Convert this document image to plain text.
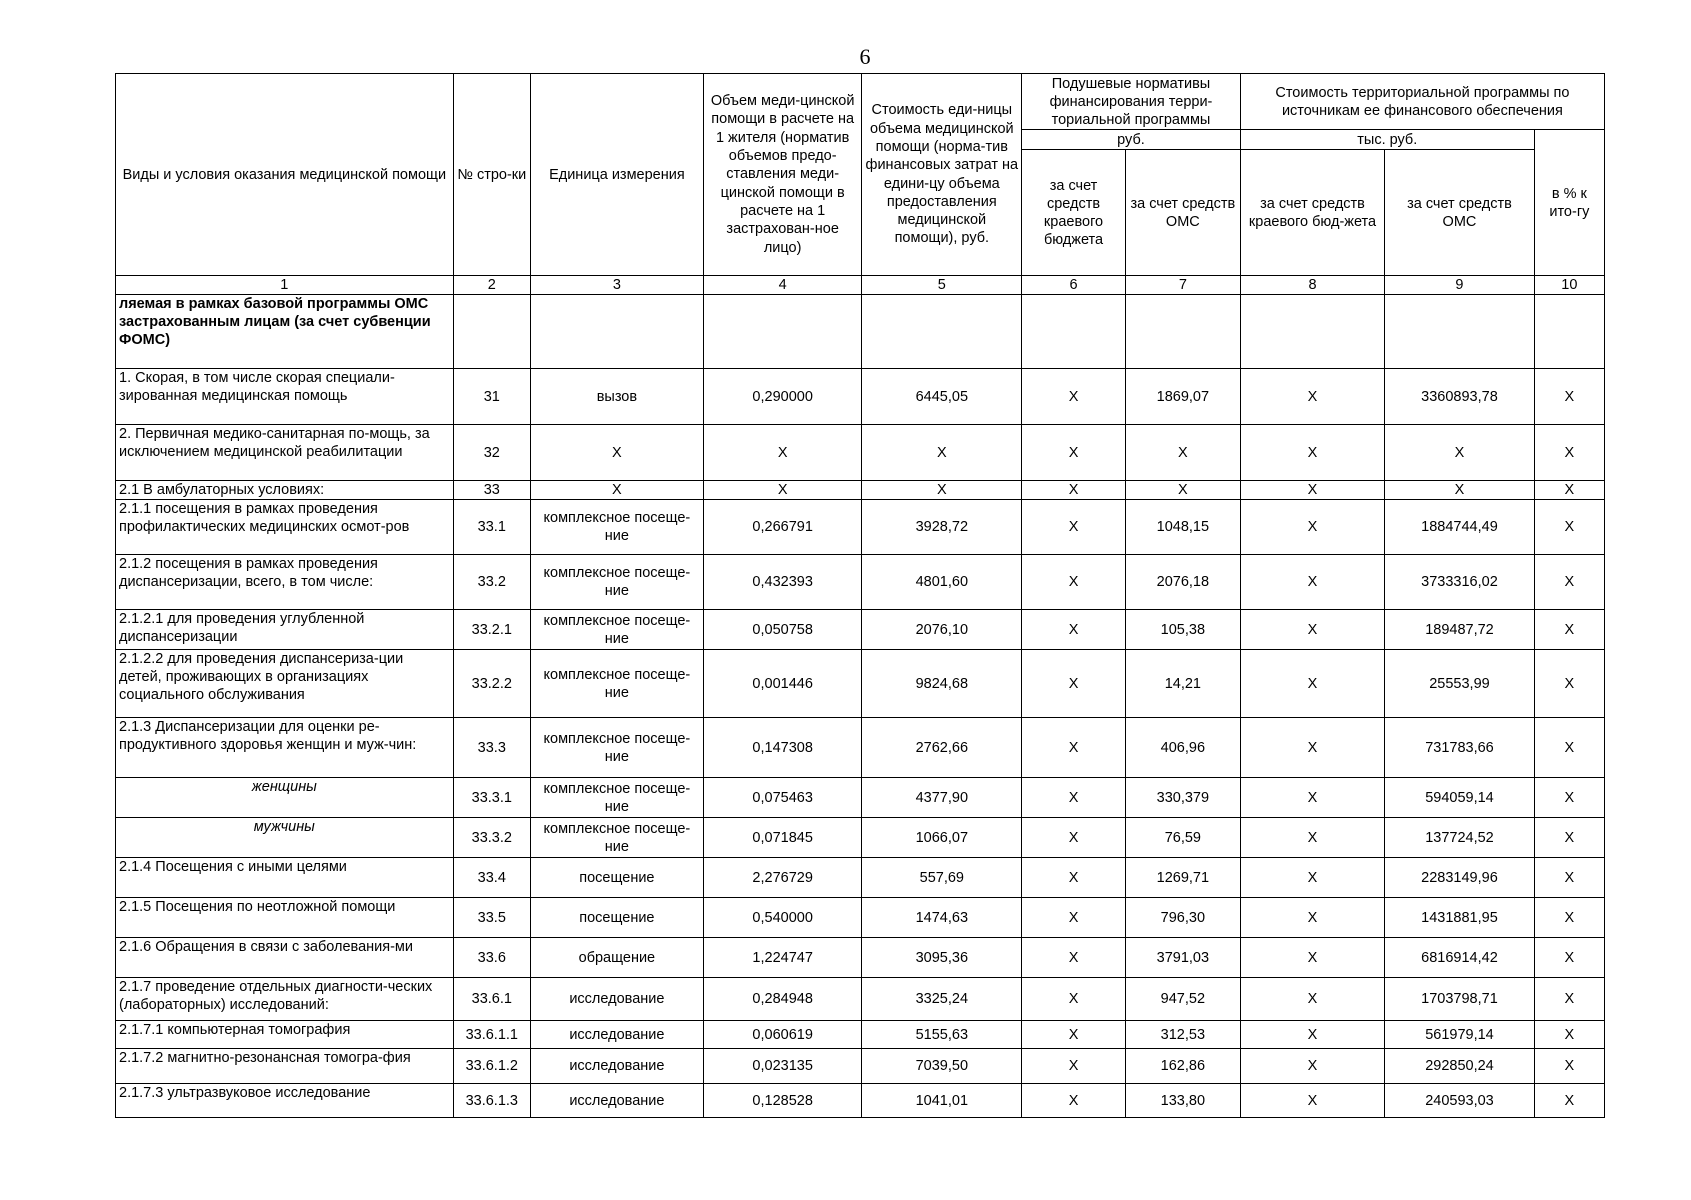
6
Виды и условия оказания медицинской помощи	№ стро-ки	Единица измерения	Объем меди-цинской помощи в расчете на 1 жителя (норматив объемов предо-ставления меди-цинской помощи в расчете на 1 застрахован-ное лицо)	Стоимость еди-ницы объема медицинской помощи (норма-тив финансовых затрат на едини-цу объема предоставления медицинской помощи), руб.	Подушевые нормативы финансирования терри-ториальной программы		Стоимость территориальной программы по источникам ее финансового обеспечения		
					руб.		тыс. руб.		в % к ито-гу
					за счет средств краевого бюджета	за счет средств ОМС	за счет средств краевого бюд-жета	за счет средств ОМС	
1	2	3	4	5	6	7	8	9	10
ляемая в рамках базовой программы ОМС застрахованным лицам (за счет субвенции ФОМС)									
1. Скорая, в том числе скорая специали-зированная медицинская помощь	31	вызов	0,290000	6445,05	Х	1869,07	Х	3360893,78	Х
2. Первичная медико-санитарная по-мощь, за исключением медицинской реабилитации	32	Х	Х	Х	Х	Х	Х	Х	Х
2.1 В амбулаторных условиях:	33	Х	Х	Х	Х	Х	Х	Х	Х
2.1.1 посещения в рамках проведения профилактических медицинских осмот-ров	33.1	комплексное посеще-ние	0,266791	3928,72	Х	1048,15	Х	1884744,49	Х
2.1.2 посещения в рамках проведения диспансеризации, всего, в том числе:	33.2	комплексное посеще-ние	0,432393	4801,60	Х	2076,18	Х	3733316,02	Х
2.1.2.1 для проведения углубленной диспансеризации	33.2.1	комплексное посеще-ние	0,050758	2076,10	Х	105,38	Х	189487,72	Х
2.1.2.2 для проведения диспансериза-ции детей, проживающих в организациях социального обслуживания	33.2.2	комплексное посеще-ние	0,001446	9824,68	Х	14,21	Х	25553,99	Х
2.1.3 Диспансеризации для оценки ре-продуктивного здоровья женщин и муж-чин:	33.3	комплексное посеще-ние	0,147308	2762,66	Х	406,96	Х	731783,66	Х
женщины	33.3.1	комплексное посеще-ние	0,075463	4377,90	Х	330,379	Х	594059,14	Х
мужчины	33.3.2	комплексное посеще-ние	0,071845	1066,07	Х	76,59	Х	137724,52	Х
2.1.4 Посещения с иными целями	33.4	посещение	2,276729	557,69	Х	1269,71	Х	2283149,96	Х
2.1.5 Посещения по неотложной помощи	33.5	посещение	0,540000	1474,63	Х	796,30	Х	1431881,95	Х
2.1.6 Обращения в связи с заболевания-ми	33.6	обращение	1,224747	3095,36	Х	3791,03	Х	6816914,42	Х
2.1.7 проведение отдельных диагности-ческих (лабораторных) исследований:	33.6.1	исследование	0,284948	3325,24	Х	947,52	Х	1703798,71	Х
2.1.7.1 компьютерная томография	33.6.1.1	исследование	0,060619	5155,63	Х	312,53	Х	561979,14	Х
2.1.7.2 магнитно-резонансная томогра-фия	33.6.1.2	исследование	0,023135	7039,50	Х	162,86	Х	292850,24	Х
2.1.7.3 ультразвуковое исследование	33.6.1.3	исследование	0,128528	1041,01	Х	133,80	Х	240593,03	Х
